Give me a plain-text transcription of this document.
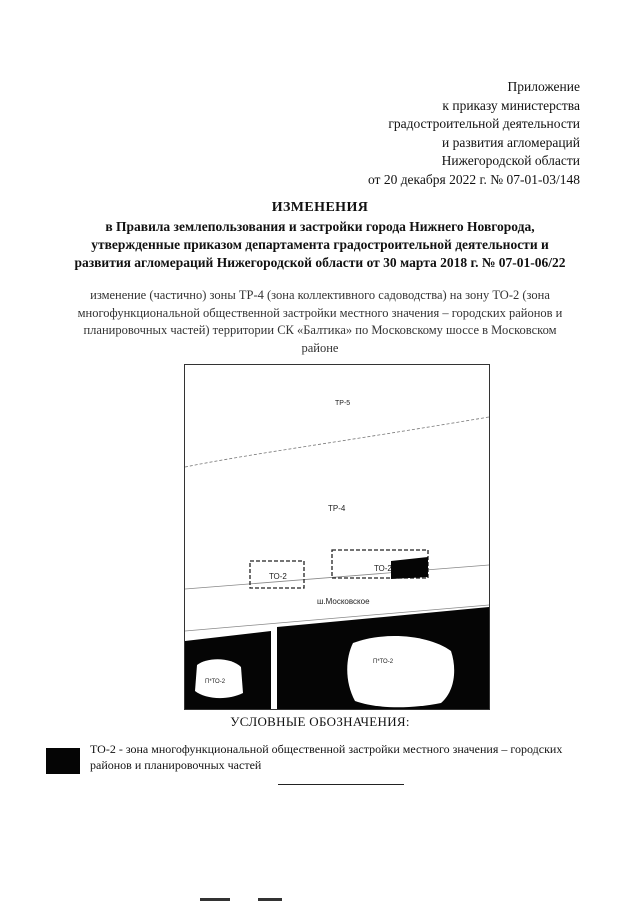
Приложение
к приказу министерства
градостроительной деятельности
и развития агломераций
Нижегородской области
от 20 декабря 2022 г. № 07-01-03/148
ИЗМЕНЕНИЯ
в Правила землепользования и застройки города Нижнего Новгорода,
утвержденные приказом департамента градостроительной деятельности и
развития агломераций Нижегородской области от 30 марта 2018 г. № 07-01-06/22
изменение (частично) зоны ТР-4 (зона коллективного садоводства) на зону ТО-2 (зона
многофункциональной общественной застройки местного значения – городских районов и
планировочных частей) территории СК «Балтика» по Московскому шоссе в Московском
районе
ТР-5
ТР-4
ТО-2
ТО-2
ш.Московское
П*ТО-2
П*ТО-2
УСЛОВНЫЕ ОБОЗНАЧЕНИЯ:
ТО-2 - зона многофункциональной общественной застройки местного значения – городских
районов и планировочных частей
